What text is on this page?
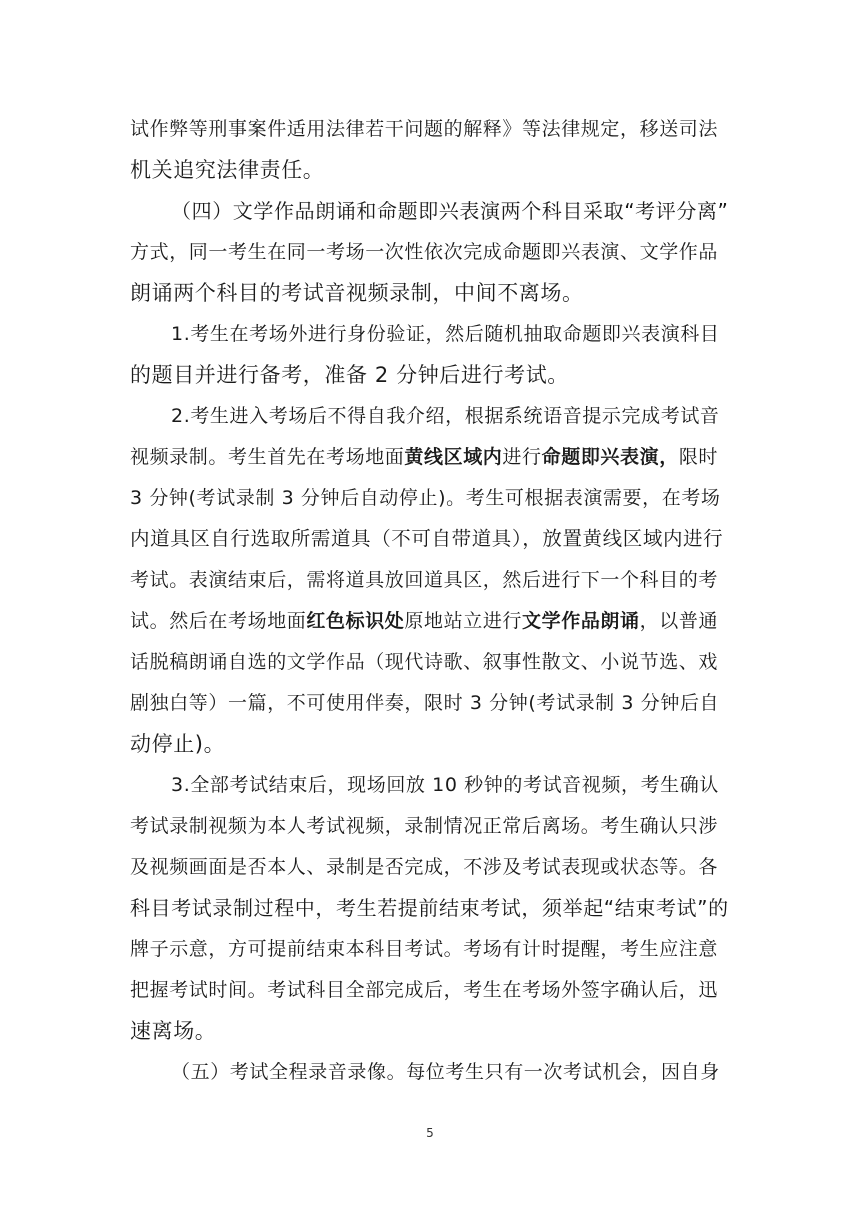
试作弊等刑事案件适用法律若干问题的解释》等法律规定，移送司法
机关追究法律责任。
（四）文学作品朗诵和命题即兴表演两个科目采取“考评分离”
方式，同一考生在同一考场一次性依次完成命题即兴表演、文学作品
朗诵两个科目的考试音视频录制，中间不离场。
1.考生在考场外进行身份验证，然后随机抽取命题即兴表演科目
的题目并进行备考，准备 2 分钟后进行考试。
2.考生进入考场后不得自我介绍，根据系统语音提示完成考试音
视频录制。考生首先在考场地面黄线区域内进行命题即兴表演，限时
3 分钟(考试录制 3 分钟后自动停止)。考生可根据表演需要，在考场
内道具区自行选取所需道具（不可自带道具），放置黄线区域内进行
考试。表演结束后，需将道具放回道具区，然后进行下一个科目的考
试。然后在考场地面红色标识处原地站立进行文学作品朗诵，以普通
话脱稿朗诵自选的文学作品（现代诗歌、叙事性散文、小说节选、戏
剧独白等）一篇，不可使用伴奏，限时 3 分钟(考试录制 3 分钟后自
动停止)。
3.全部考试结束后，现场回放 10 秒钟的考试音视频，考生确认
考试录制视频为本人考试视频，录制情况正常后离场。考生确认只涉
及视频画面是否本人、录制是否完成，不涉及考试表现或状态等。各
科目考试录制过程中，考生若提前结束考试，须举起“结束考试”的
牌子示意，方可提前结束本科目考试。考场有计时提醒，考生应注意
把握考试时间。考试科目全部完成后，考生在考场外签字确认后，迅
速离场。
（五）考试全程录音录像。每位考生只有一次考试机会，因自身
5
